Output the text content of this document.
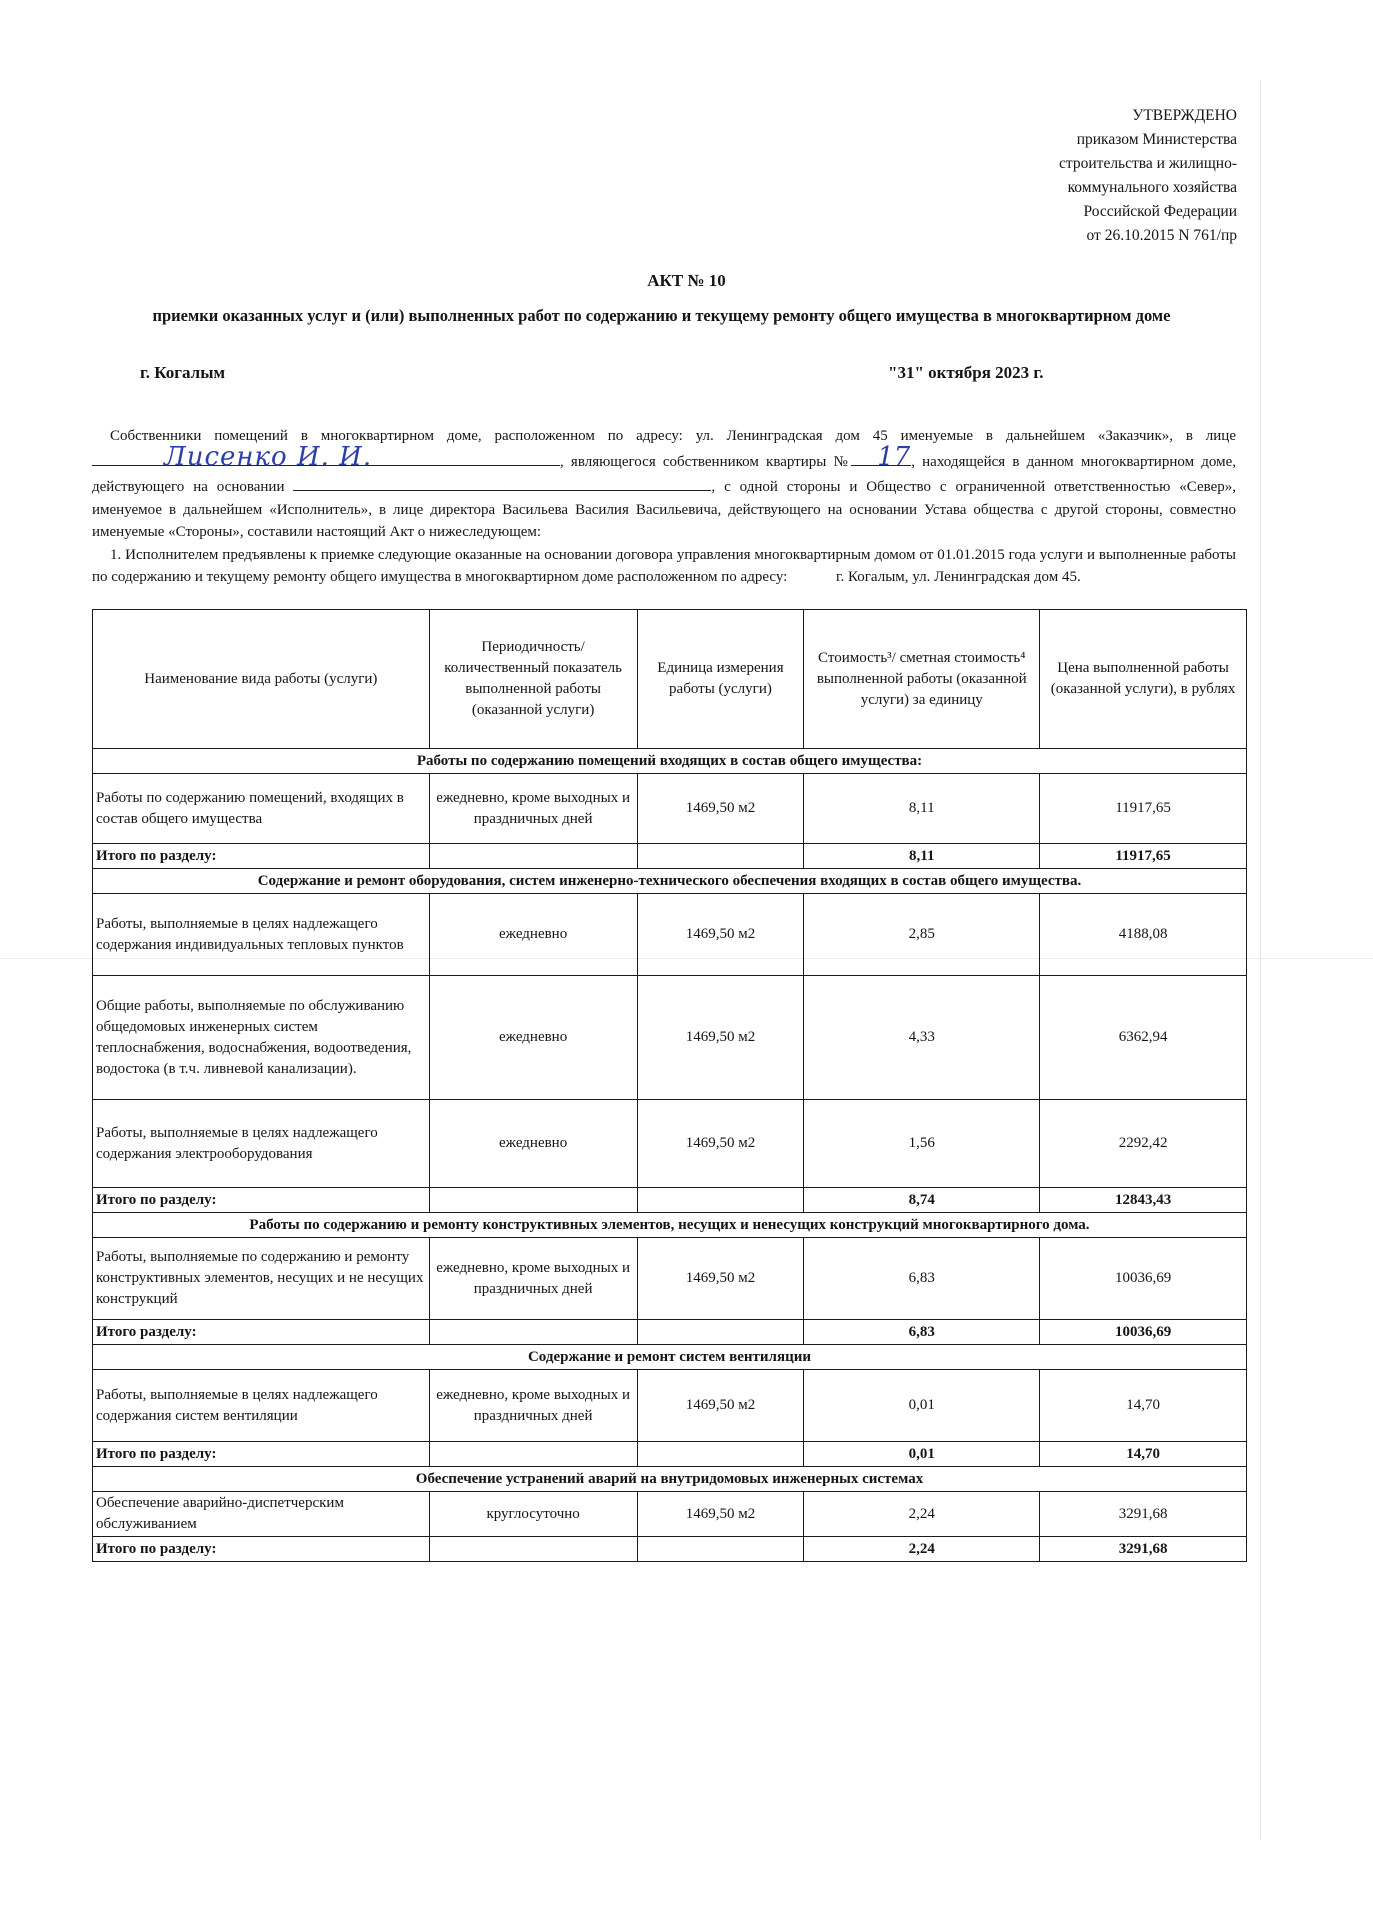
УТВЕРЖДЕНО
приказом Министерства
строительства и жилищно-
коммунального хозяйства
Российской Федерации
от 26.10.2015 N 761/пр
АКТ № 10
приемки оказанных услуг и (или) выполненных работ по содержанию и текущему ремонту общего имущества в многоквартирном доме
г. Когалым	"31" октября 2023 г.

Собственники помещений в многоквартирном доме, расположенном по адресу: ул. Ленинградская дом 45 именуемые в дальнейшем «Заказчик», в лице
Лисенко И. И.	, являющегося собственником квартиры №	17 , находящейся в данном многоквартирном доме, действующего на основании	, с одной стороны и Общество с ограниченной ответственностью «Север», именуемое в дальнейшем «Исполнитель», в лице директора Васильева Василия Васильевича, действующего на основании Устава общества с другой стороны, совместно именуемые «Стороны», составили настоящий Акт о нижеследующем:

1. Исполнителем предъявлены к приемке следующие оказанные на основании договора управления многоквартирным домом от 01.01.2015 года услуги и выполненные работы по содержанию и текущему ремонту общего имущества в многоквартирном доме расположенном по адресу:	г. Когалым, ул. Ленинградская дом 45.

Наименование вида работы (услуги)	Периодичность/ количественный показатель выполненной работы (оказанной услуги)	Единица измерения работы (услуги)	Стоимость³/ сметная стоимость⁴ выполненной работы (оказанной услуги) за единицу	Цена выполненной работы (оказанной услуги), в рублях
Работы по содержанию помещений входящих в состав общего имущества:				
Работы по содержанию помещений, входящих в состав общего имущества	ежедневно, кроме выходных и праздничных дней	1469,50 м2	8,11	11917,65
Итого по разделу:			8,11	11917,65
Содержание и ремонт оборудования, систем инженерно-технического обеспечения входящих в состав общего имущества.				
Работы, выполняемые в целях надлежащего содержания индивидуальных тепловых пунктов	ежедневно	1469,50 м2	2,85	4188,08
Общие работы, выполняемые по обслуживанию общедомовых инженерных систем теплоснабжения, водоснабжения, водоотведения, водостока (в т.ч. ливневой канализации).	ежедневно	1469,50 м2	4,33	6362,94
Работы, выполняемые в целях надлежащего содержания электрооборудования	ежедневно	1469,50 м2	1,56	2292,42
Итого по разделу:			8,74	12843,43
Работы по содержанию и ремонту конструктивных элементов, несущих и ненесущих конструкций многоквартирного дома.				
Работы, выполняемые по содержанию и ремонту конструктивных элементов, несущих и не несущих конструкций	ежедневно, кроме выходных и праздничных дней	1469,50 м2	6,83	10036,69
Итого разделу:			6,83	10036,69
Содержание и ремонт систем вентиляции				
Работы, выполняемые в целях надлежащего содержания систем вентиляции	ежедневно, кроме выходных и праздничных дней	1469,50 м2	0,01	14,70
Итого по разделу:			0,01	14,70
Обеспечение устранений аварий на внутридомовых инженерных системах				
Обеспечение аварийно-диспетчерским обслуживанием	круглосуточно	1469,50 м2	2,24	3291,68
Итого по разделу:			2,24	3291,68
